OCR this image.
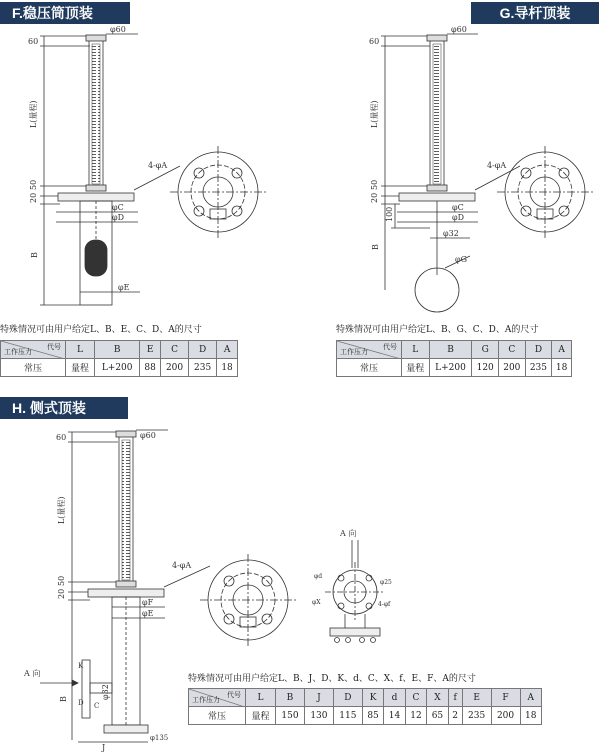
F.稳压筒顶装	G.导杆顶装
H. 侧式顶装
60
L(量程)
20
50
B
φ60
4-φA
φC
φD
φE
60
L(量程)
20
50
100
B
φ60
4-φA
φC
φD
φ32
φG
60
L(量程)
20
50
B
φ60
4-φA
φF
φE
φ32
φ135
J
C
K
D
A 向
A 向
φd
φ25
φX	4-φf
特殊情况可由用户给定L、B、E、C、D、A的尺寸	特殊情况可由用户给定L、B、G、C、D、A的尺寸
特殊情况可由用户给定L、B、J、D、K、d、C、X、f、E、F、A的尺寸
代号
工作压力	L	B	E	C	D	A
常压	量程	L+200	88	200	235	18
代号
工作压力	L	B	G	C	D	A
常压	量程	L+200	120	200	235	18
代号
工作压力	L	B	J	D	K	d	C	X	f	E	F	A
常压	量程	150	130	115	85	14	12	65	2	235	200	18
